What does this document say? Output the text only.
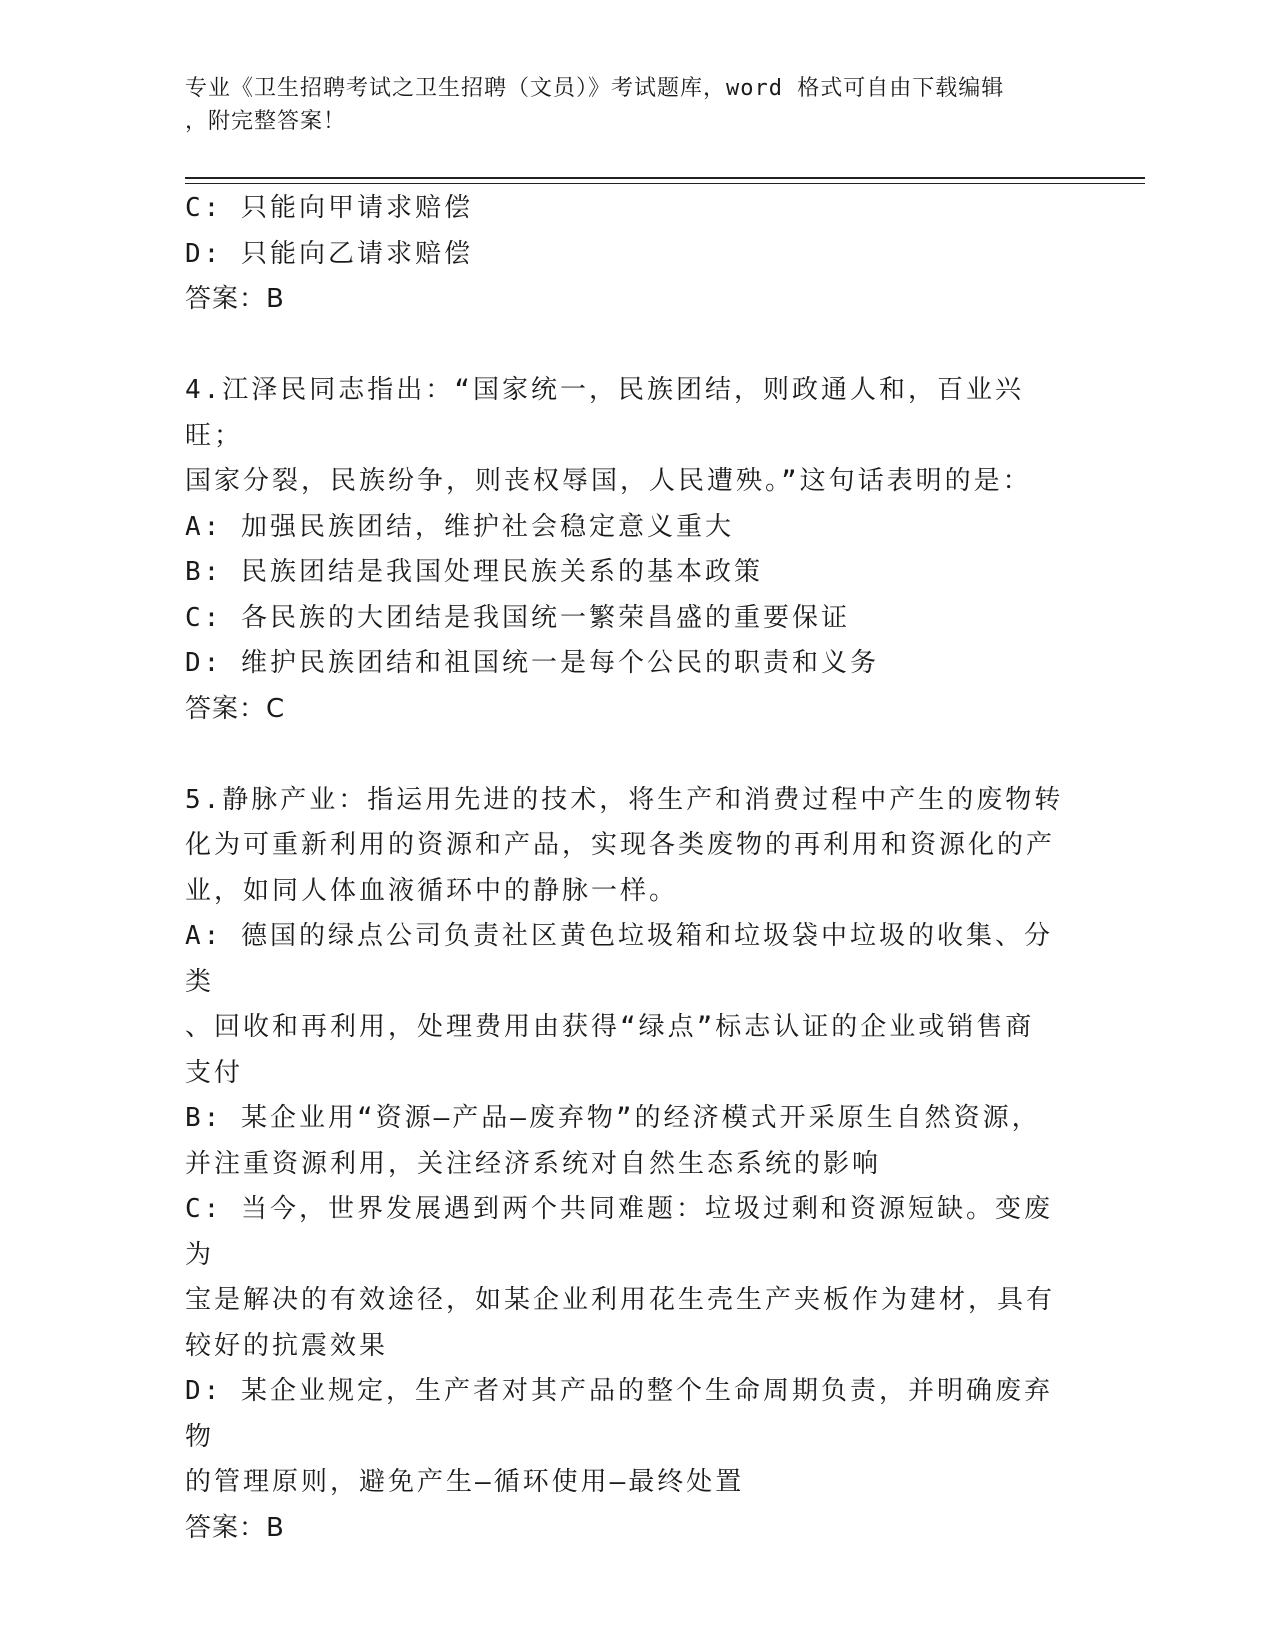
专业《卫生招聘考试之卫生招聘（文员）》考试题库，word 格式可自由下载编辑
，附完整答案！
C: 只能向甲请求赔偿
D: 只能向乙请求赔偿
答案：B
4.江泽民同志指出：“国家统一，民族团结，则政通人和，百业兴旺；
国家分裂，民族纷争，则丧权辱国，人民遭殃。”这句话表明的是：
A: 加强民族团结，维护社会稳定意义重大
B: 民族团结是我国处理民族关系的基本政策
C: 各民族的大团结是我国统一繁荣昌盛的重要保证
D: 维护民族团结和祖国统一是每个公民的职责和义务
答案：C
5.静脉产业：指运用先进的技术，将生产和消费过程中产生的废物转
化为可重新利用的资源和产品，实现各类废物的再利用和资源化的产
业，如同人体血液循环中的静脉一样。
A: 德国的绿点公司负责社区黄色垃圾箱和垃圾袋中垃圾的收集、分类
、回收和再利用，处理费用由获得“绿点”标志认证的企业或销售商
支付
B: 某企业用“资源—产品—废弃物”的经济模式开采原生自然资源，
并注重资源利用，关注经济系统对自然生态系统的影响
C: 当今，世界发展遇到两个共同难题：垃圾过剩和资源短缺。变废为
宝是解决的有效途径，如某企业利用花生壳生产夹板作为建材，具有
较好的抗震效果
D: 某企业规定，生产者对其产品的整个生命周期负责，并明确废弃物
的管理原则，避免产生—循环使用—最终处置
答案：B
